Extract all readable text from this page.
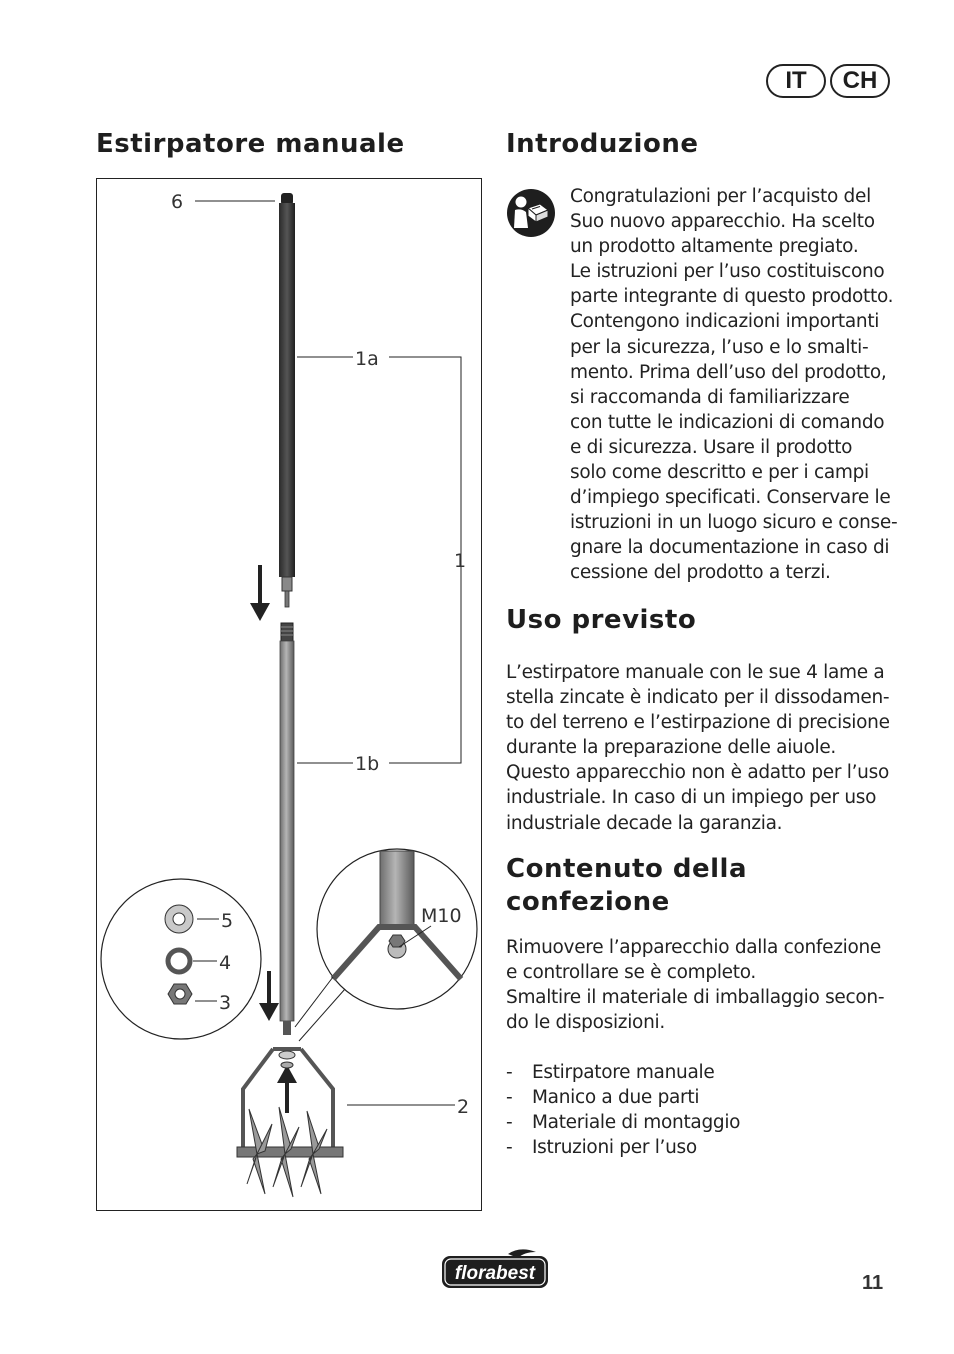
IT	CH
Estirpatore manuale
6
1a
1
1b
2
5
4
3
M10
Introduzione

Congratulazioni per l’acquisto del

Suo nuovo apparecchio. Ha scelto

un prodotto altamente pregiato.

Le istruzioni per l’uso costituiscono

parte integrante di questo prodotto.

Contengono indicazioni importanti

per la sicurezza, l’uso e lo smalti-

mento. Prima dell’uso del prodotto,

si raccomanda di familiarizzare

con tutte le indicazioni di comando

e di sicurezza. Usare il prodotto

solo come descritto e per i campi

d’impiego specificati. Conservare le

istruzioni in un luogo sicuro e conse-

gnare la documentazione in caso di

cessione del prodotto a terzi.

Uso previsto

L’estirpatore manuale con le sue 4 lame a

stella zincate è indicato per il dissodamen-

to del terreno e l’estirpazione di precisione

durante la preparazione delle aiuole.

Questo apparecchio non è adatto per l’uso

industriale. In caso di un impiego per uso

industriale decade la garanzia.

Contenuto della
confezione

Rimuovere l’apparecchio dalla confezione

e controllare se è completo.

Smaltire il materiale di imballaggio secon-

do le disposizioni.

- Estirpatore manuale
- Manico a due parti
- Materiale di montaggio
- Istruzioni per l’uso
florabest	11
